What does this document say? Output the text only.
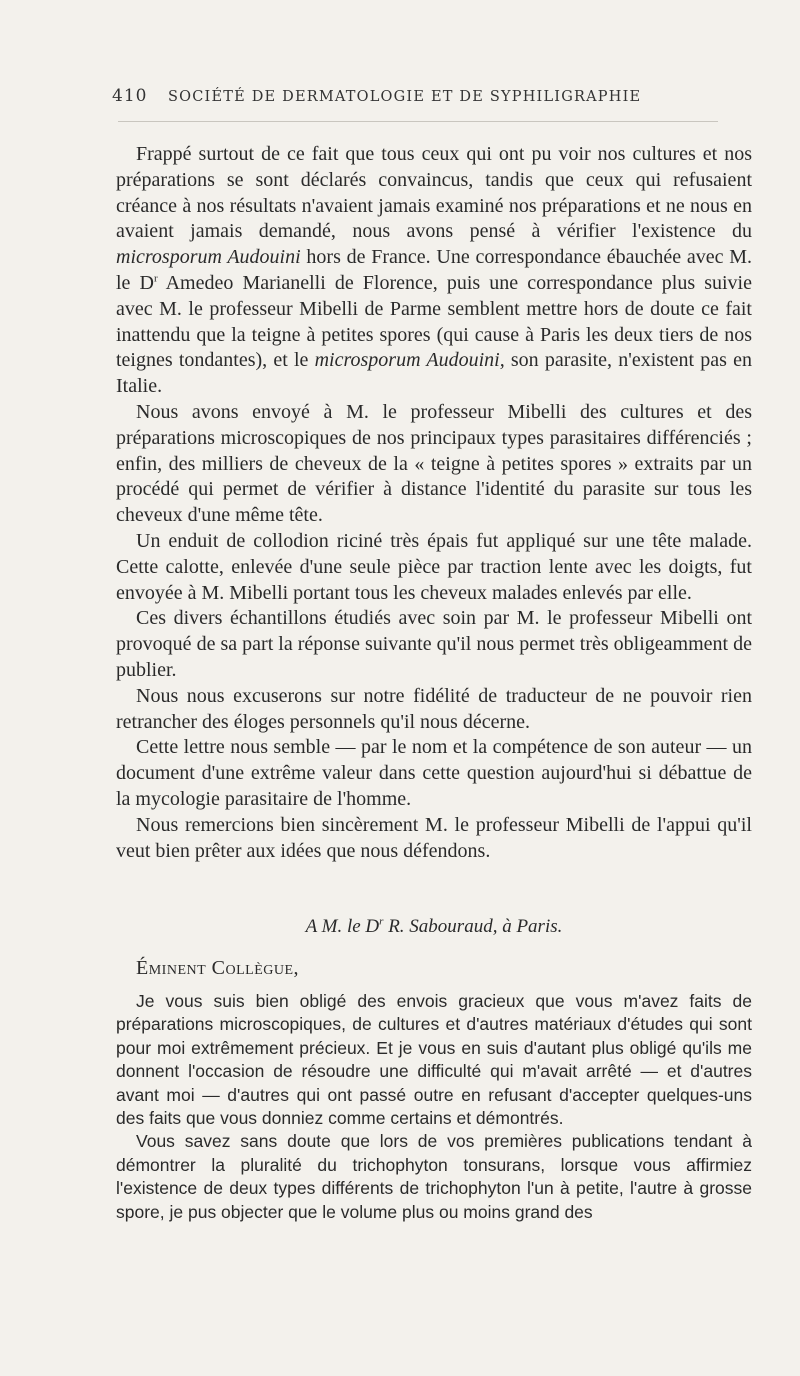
410	SOCIÉTÉ DE DERMATOLOGIE ET DE SYPHILIGRAPHIE

Frappé surtout de ce fait que tous ceux qui ont pu voir nos cultures et nos préparations se sont déclarés convaincus, tandis que ceux qui refusaient créance à nos résultats n'avaient jamais examiné nos préparations et ne nous en avaient jamais demandé, nous avons pensé à vérifier l'existence du microsporum Audouini hors de France. Une correspondance ébauchée avec M. le $D^r$ Amedeo Marianelli de Florence, puis une correspondance plus suivie avec M. le professeur Mibelli de Parme semblent mettre hors de doute ce fait inattendu que la teigne à petites spores (qui cause à Paris les deux tiers de nos teignes tondantes), et le microsporum Audouini, son parasite, n'existent pas en Italie.

Nous avons envoyé à M. le professeur Mibelli des cultures et des préparations microscopiques de nos principaux types parasitaires différenciés ; enfin, des milliers de cheveux de la « teigne à petites spores » extraits par un procédé qui permet de vérifier à distance l'identité du parasite sur tous les cheveux d'une même tête.

Un enduit de collodion riciné très épais fut appliqué sur une tête malade. Cette calotte, enlevée d'une seule pièce par traction lente avec les doigts, fut envoyée à M. Mibelli portant tous les cheveux malades enlevés par elle.

Ces divers échantillons étudiés avec soin par M. le professeur Mibelli ont provoqué de sa part la réponse suivante qu'il nous permet très obligeamment de publier.

Nous nous excuserons sur notre fidélité de traducteur de ne pouvoir rien retrancher des éloges personnels qu'il nous décerne.

Cette lettre nous semble — par le nom et la compétence de son auteur — un document d'une extrême valeur dans cette question aujourd'hui si débattue de la mycologie parasitaire de l'homme.

Nous remercions bien sincèrement M. le professeur Mibelli de l'appui qu'il veut bien prêter aux idées que nous défendons.

A M. le $D^r$ R. Sabouraud, à Paris.
Éminent Collègue,

Je vous suis bien obligé des envois gracieux que vous m'avez faits de préparations microscopiques, de cultures et d'autres matériaux d'études qui sont pour moi extrêmement précieux. Et je vous en suis d'autant plus obligé qu'ils me donnent l'occasion de résoudre une difficulté qui m'avait arrêté — et d'autres avant moi — d'autres qui ont passé outre en refusant d'accepter quelques-uns des faits que vous donniez comme certains et démontrés.

Vous savez sans doute que lors de vos premières publications tendant à démontrer la pluralité du trichophyton tonsurans, lorsque vous affirmiez l'existence de deux types différents de trichophyton l'un à petite, l'autre à grosse spore, je pus objecter que le volume plus ou moins grand des
